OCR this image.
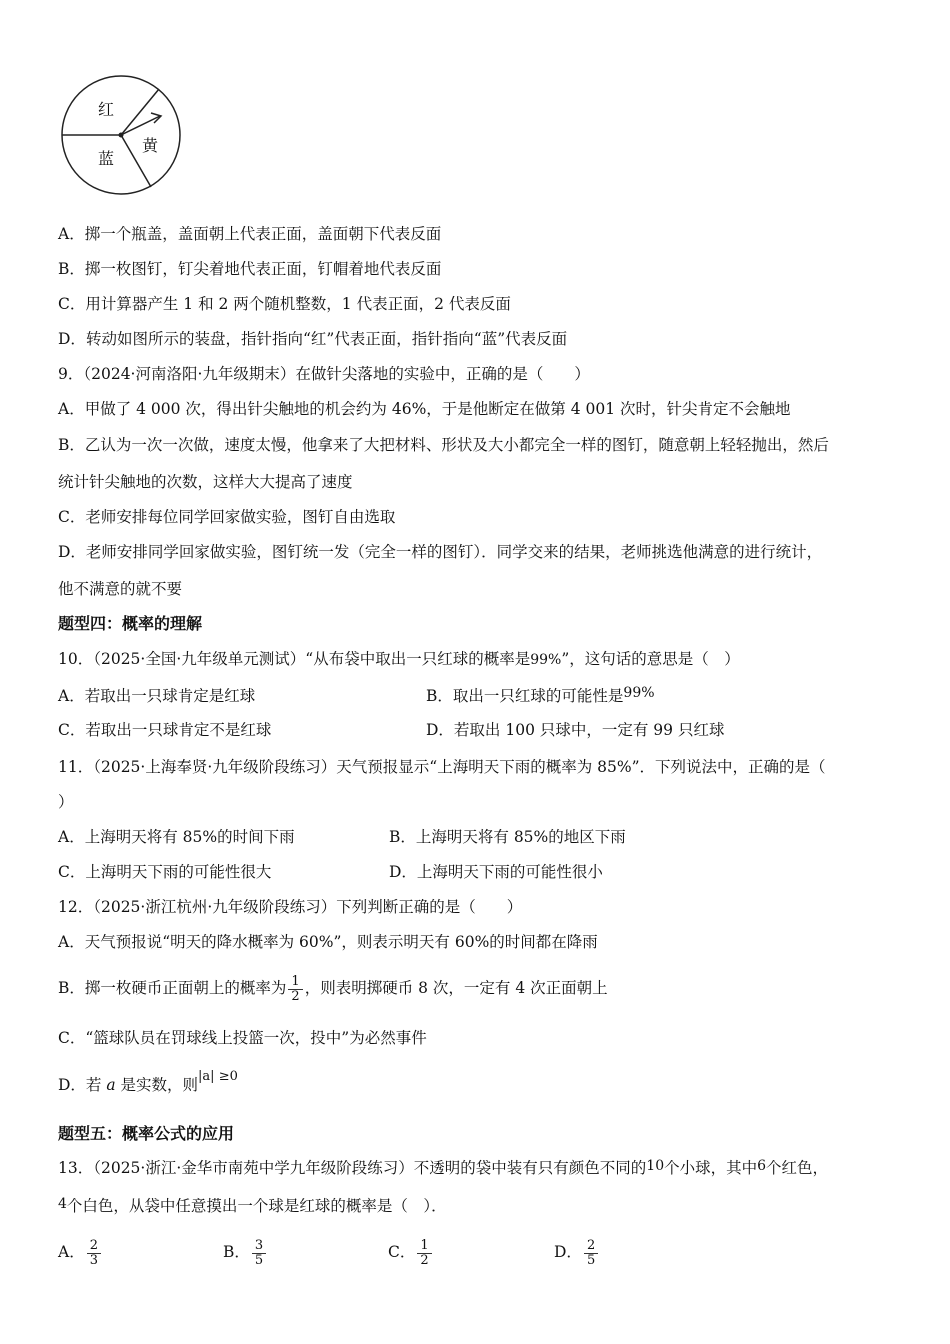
红
黄
蓝
A．掷一个瓶盖，盖面朝上代表正面，盖面朝下代表反面
B．掷一枚图钉，钉尖着地代表正面，钉帽着地代表反面
C．用计算器产生 1 和 2 两个随机整数，1 代表正面，2 代表反面
D．转动如图所示的装盘，指针指向“红”代表正面，指针指向“蓝”代表反面
9．（2024·河南洛阳·九年级期末）在做针尖落地的实验中，正确的是（　　）
A．甲做了 4 000 次，得出针尖触地的机会约为 46%，于是他断定在做第 4 001 次时，针尖肯定不会触地
B．乙认为一次一次做，速度太慢，他拿来了大把材料、形状及大小都完全一样的图钉，随意朝上轻轻抛出，然后
统计针尖触地的次数，这样大大提高了速度
C．老师安排每位同学回家做实验，图钉自由选取
D．老师安排同学回家做实验，图钉统一发（完全一样的图钉）．同学交来的结果，老师挑选他满意的进行统计，
他不满意的就不要
题型四：概率的理解
10．（2025·全国·九年级单元测试）“从布袋中取出一只红球的概率是99%”，这句话的意思是（　）
A．若取出一只球肯定是红球	B．取出一只红球的可能性是99%
C．若取出一只球肯定不是红球	D．若取出 100 只球中，一定有 99 只红球
11．（2025·上海奉贤·九年级阶段练习）天气预报显示“上海明天下雨的概率为 85%”．下列说法中，正确的是（
）
A．上海明天将有 85%的时间下雨	B．上海明天将有 85%的地区下雨
C．上海明天下雨的可能性很大	D．上海明天下雨的可能性很小
12．（2025·浙江杭州·九年级阶段练习）下列判断正确的是（　　）
A．天气预报说“明天的降水概率为 60%”，则表示明天有 60%的时间都在降雨
B．掷一枚硬币正面朝上的概率为 $\frac{1}{2}$ ，则表明掷硬币 8 次，一定有 4 次正面朝上
C．“篮球队员在罚球线上投篮一次，投中”为必然事件
D．若 a 是实数，则$^{|a| \ge 0}$
题型五：概率公式的应用
13．（2025·浙江·金华市南苑中学九年级阶段练习）不透明的袋中装有只有颜色不同的10个小球，其中6个红色，
4个白色，从袋中任意摸出一个球是红球的概率是（　）．
A． $\frac{2}{3}$	B． $\frac{3}{5}$	C． $\frac{1}{2}$	D． $\frac{2}{5}$
